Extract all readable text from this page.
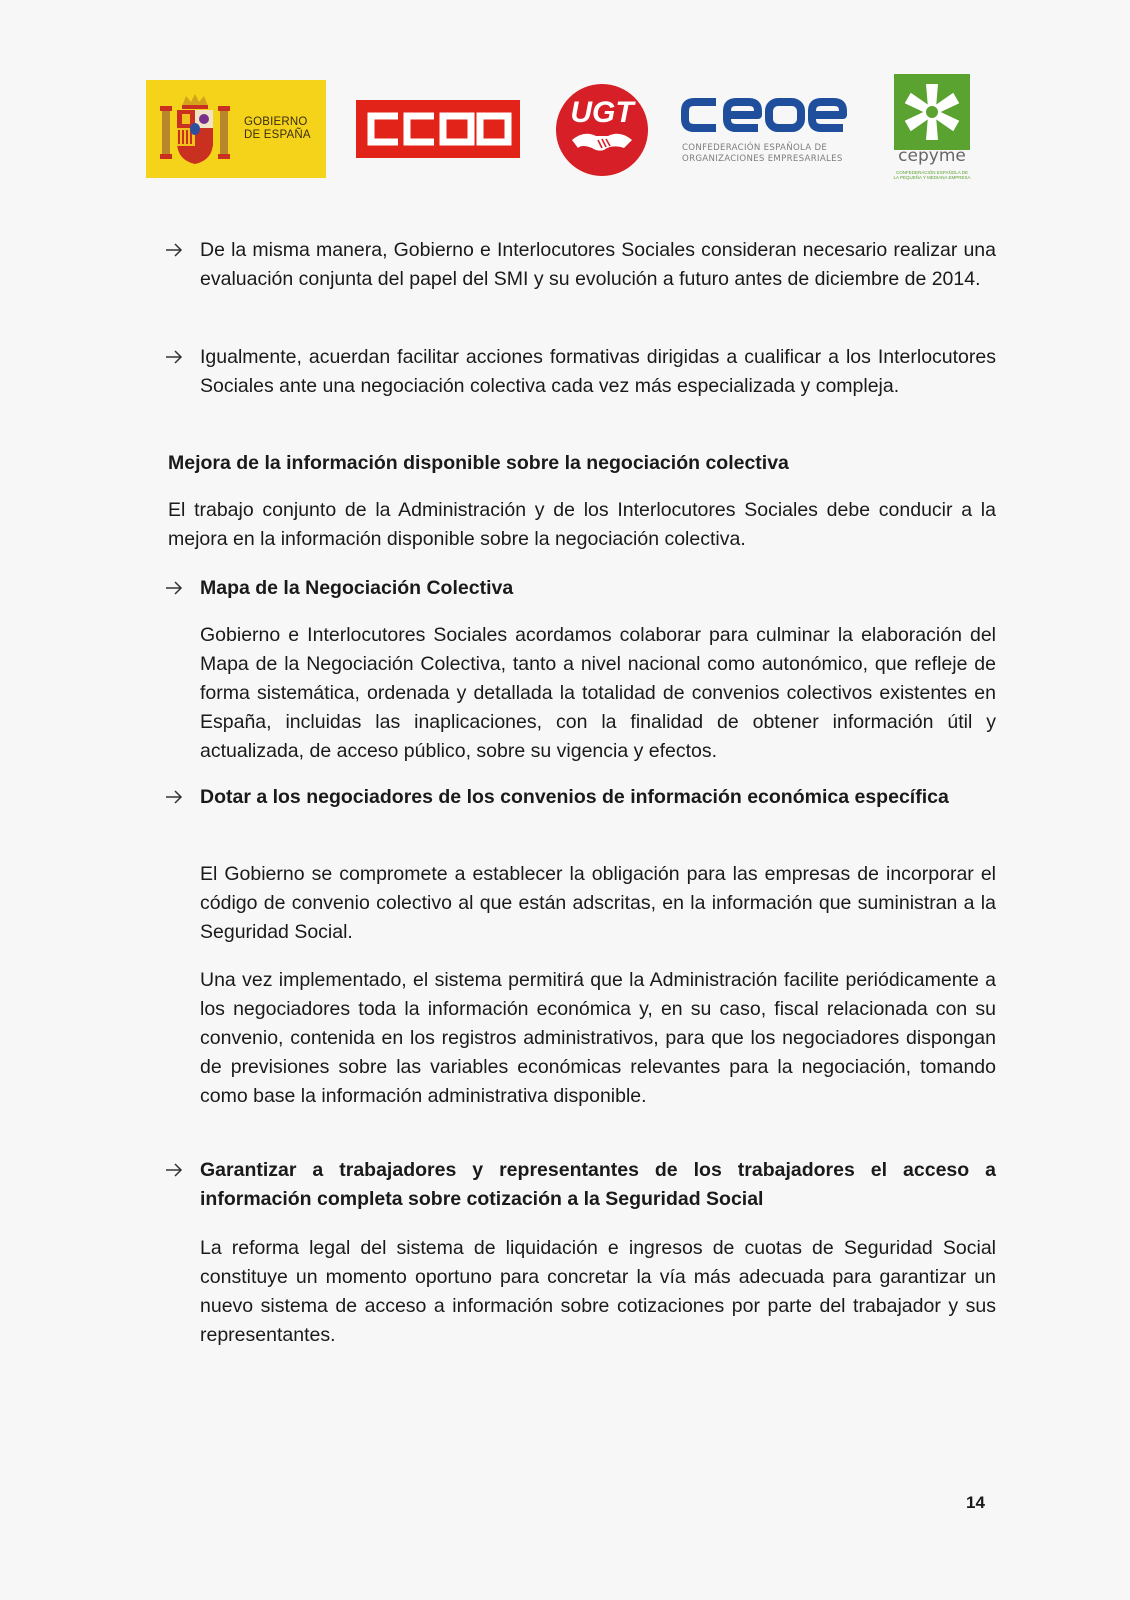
GOBIERNO
DE ESPAÑA
UGT
CONFEDERACIÓN ESPAÑOLA DE
ORGANIZACIONES EMPRESARIALES	cepyme
CONFEDERACIÓN ESPAÑOLA DE
LA PEQUEÑA Y MEDIANA EMPRESA

De la misma manera, Gobierno e Interlocutores Sociales consideran necesario realizar una evaluación conjunta del papel del SMI y su evolución a futuro antes de diciembre de 2014.

Igualmente, acuerdan facilitar acciones formativas dirigidas a cualificar a los Interlocutores Sociales ante una negociación colectiva cada vez más especializada y compleja.

Mejora de la información disponible sobre la negociación colectiva

El trabajo conjunto de la Administración y de los Interlocutores Sociales debe conducir a la mejora en la información disponible sobre la negociación colectiva.

Mapa de la Negociación Colectiva

Gobierno e Interlocutores Sociales acordamos colaborar para culminar la elaboración del Mapa de la Negociación Colectiva, tanto a nivel nacional como autonómico, que refleje de forma sistemática, ordenada y detallada la totalidad de convenios colectivos existentes en España, incluidas las inaplicaciones, con la finalidad de obtener información útil y actualizada, de acceso público, sobre su vigencia y efectos.

Dotar a los negociadores de los convenios de información económica específica

El Gobierno se compromete a establecer la obligación para las empresas de incorporar el código de convenio colectivo al que están adscritas, en la información que suministran a la Seguridad Social.

Una vez implementado, el sistema permitirá que la Administración facilite periódicamente a los negociadores toda la información económica y, en su caso, fiscal relacionada con su convenio, contenida en los registros administrativos, para que los negociadores dispongan de previsiones sobre las variables económicas relevantes para la negociación, tomando como base la información administrativa disponible.

Garantizar a trabajadores y representantes de los trabajadores el acceso a información completa sobre cotización a la Seguridad Social

La reforma legal del sistema de liquidación e ingresos de cuotas de Seguridad Social constituye un momento oportuno para concretar la vía más adecuada para garantizar un nuevo sistema de acceso a información sobre cotizaciones por parte del trabajador y sus representantes.

14
